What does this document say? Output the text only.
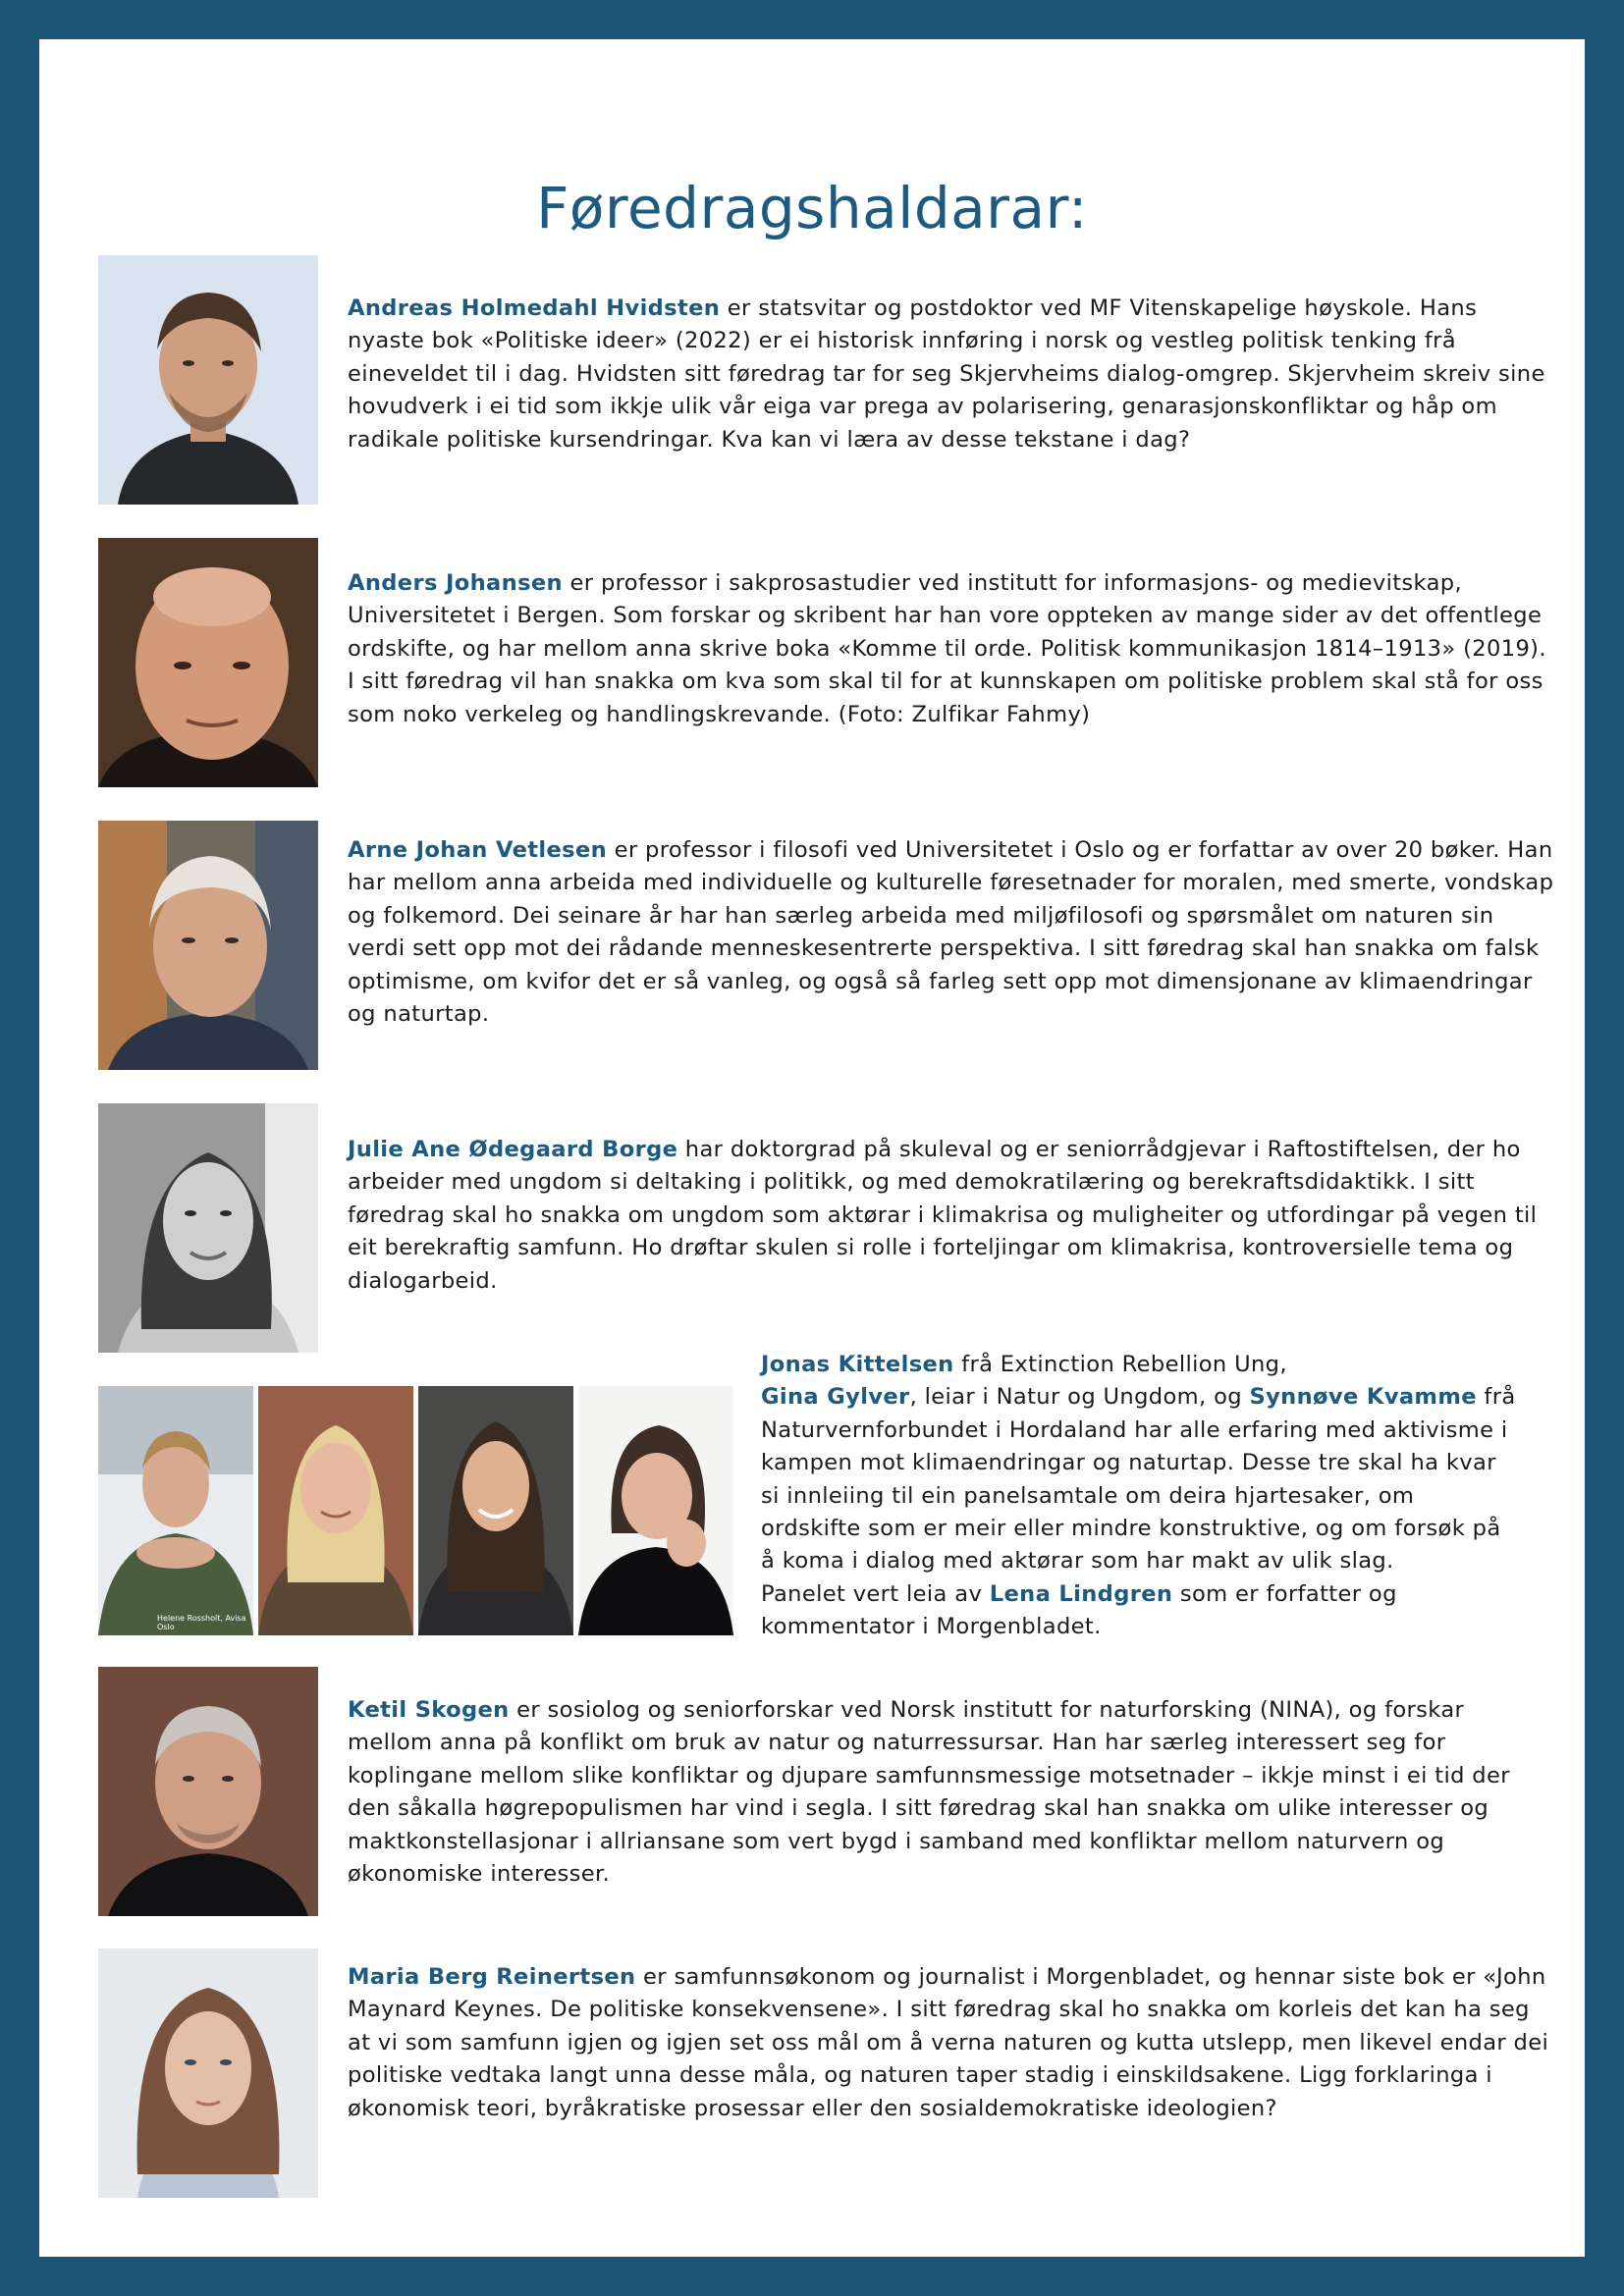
Føredragshaldarar:

Andreas Holmedahl Hvidsten er statsvitar og postdoktor ved MF Vitenskapelige høyskole. Hans nyaste bok «Politiske ideer» (2022) er ei historisk innføring i norsk og vestleg politisk tenking frå eineveldet til i dag. Hvidsten sitt føredrag tar for seg Skjervheims dialog-omgrep. Skjervheim skreiv sine hovudverk i ei tid som ikkje ulik vår eiga var prega av polarisering, genarasjonskonfliktar og håp om radikale politiske kursendringar. Kva kan vi læra av desse tekstane i dag?

Anders Johansen er professor i sakprosastudier ved institutt for informasjons- og medievitskap, Universitetet i Bergen. Som forskar og skribent har han vore oppteken av mange sider av det offentlege ordskifte, og har mellom anna skrive boka «Komme til orde. Politisk kommunikasjon 1814–1913» (2019). I sitt føredrag vil han snakka om kva som skal til for at kunnskapen om politiske problem skal stå for oss som noko verkeleg og handlingskrevande. (Foto: Zulfikar Fahmy)

Arne Johan Vetlesen er professor i filosofi ved Universitetet i Oslo og er forfattar av over 20 bøker. Han har mellom anna arbeida med individuelle og kulturelle føresetnader for moralen, med smerte, vondskap og folkemord. Dei seinare år har han særleg arbeida med miljøfilosofi og spørsmålet om naturen sin verdi sett opp mot dei rådande menneskesentrerte perspektiva. I sitt føredrag skal han snakka om falsk optimisme, om kvifor det er så vanleg, og også så farleg sett opp mot dimensjonane av klimaendringar og naturtap.

Julie Ane Ødegaard Borge har doktorgrad på skuleval og er seniorrådgjevar i Raftostiftelsen, der ho arbeider med ungdom si deltaking i politikk, og med demokratilæring og berekraftsdidaktikk. I sitt føredrag skal ho snakka om ungdom som aktørar i klimakrisa og muligheiter og utfordingar på vegen til eit berekraftig samfunn. Ho drøftar skulen si rolle i forteljingar om klimakrisa, kontroversielle tema og dialogarbeid.

Helene Rossholt, Avisa Oslo

Jonas Kittelsen frå Extinction Rebellion Ung,
Gina Gylver, leiar i Natur og Ungdom, og Synnøve Kvamme frå Naturvernforbundet i Hordaland har alle erfaring med aktivisme i kampen mot klimaendringar og naturtap. Desse tre skal ha kvar si innleiing til ein panelsamtale om deira hjartesaker, om ordskifte som er meir eller mindre konstruktive, og om forsøk på å koma i dialog med aktørar som har makt av ulik slag.
Panelet vert leia av Lena Lindgren som er forfatter og kommentator i Morgenbladet.

Ketil Skogen er sosiolog og seniorforskar ved Norsk institutt for naturforsking (NINA), og forskar mellom anna på konflikt om bruk av natur og naturressursar. Han har særleg interessert seg for koplingane mellom slike konfliktar og djupare samfunnsmessige motsetnader – ikkje minst i ei tid der den såkalla høgrepopulismen har vind i segla. I sitt føredrag skal han snakka om ulike interesser og maktkonstellasjonar i allriansane som vert bygd i samband med konfliktar mellom naturvern og økonomiske interesser.

Maria Berg Reinertsen er samfunnsøkonom og journalist i Morgenbladet, og hennar siste bok er «John Maynard Keynes. De politiske konsekvensene». I sitt føredrag skal ho snakka om korleis det kan ha seg at vi som samfunn igjen og igjen set oss mål om å verna naturen og kutta utslepp, men likevel endar dei politiske vedtaka langt unna desse måla, og naturen taper stadig i einskildsakene. Ligg forklaringa i økonomisk teori, byråkratiske prosessar eller den sosialdemokratiske ideologien?
